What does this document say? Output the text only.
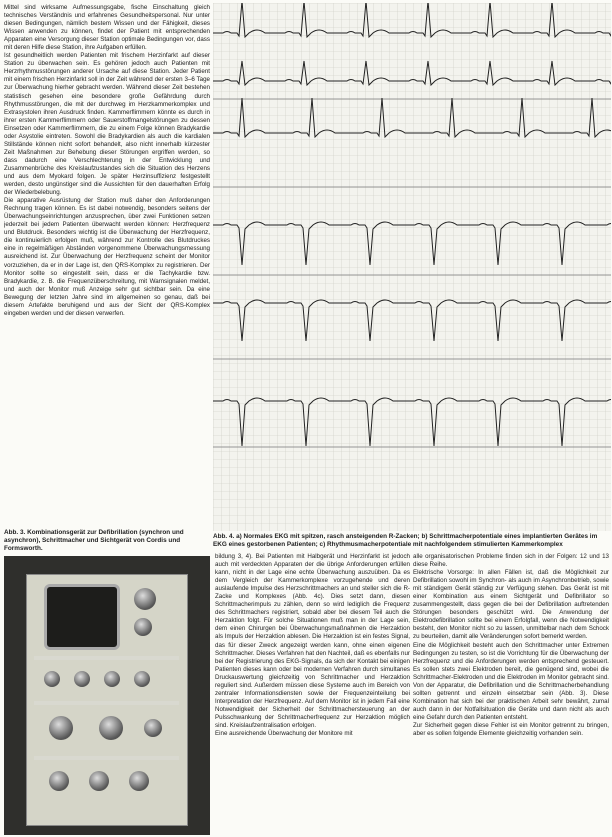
Mittel sind wirksame Aufmessungsgabe, fische Einschaltung gleich technisches Verständnis und erfahrenes Gesundheitspersonal. Nur unter diesen Bedingungen, nämlich bestem Wissen und der Fähigkeit, dieses Wissen anwenden zu können, findet der Patient mit entsprechenden Apparaten eine Versorgung dieser Station optimale Bedingungen vor, dass mit deren Hilfe diese Station, ihre Aufgaben erfüllen.

Ist gesundheitlich werden Patienten mit frischem Herzinfarkt auf dieser Station zu überwachen sein. Es gehören jedoch auch Patienten mit Herzrhythmusstörungen anderer Ursache auf diese Station. Jeder Patient mit einem frischen Herzinfarkt soll in der Zeit während der ersten 3–6 Tage zur Überwachung hierher gebracht werden. Während dieser Zeit bestehen statistisch gesehen eine besondere große Gefährdung durch Rhythmusstörungen, die mit der durchweg im Herzkammerkomplex und Extrasystolen ihren Ausdruck finden. Kammerflimmern könnte es durch in ihrer ersten Kammerflimmern oder Sauerstoffmangelstörungen zu dessen Einsetzen oder Kammerflimmern, die zu einem Folge können Bradykardie oder Asystolie eintreten. Sowohl die Bradykardien als auch die kardialen Stillstände können nicht sofort behandelt, also nicht innerhalb kürzester Zeit Maßnahmen zur Behebung dieser Störungen ergriffen werden, so dass dadurch eine Verschlechterung in der Entwicklung und Zusammenbrüche des Kreislaufzustandes sich die Situation des Herzens und aus dem Myokard folgen. Je später Herzinsuffizienz festgestellt werden, desto ungünstiger sind die Aussichten für den dauerhaften Erfolg der Wiederbelebung.

Die apparative Ausrüstung der Station muß daher den Anforderungen Rechnung tragen können. Es ist dabei notwendig, besonders seitens der Überwachungseinrichtungen anzusprechen, über zwei Funktionen setzen jederzeit bei jedem Patienten überwacht werden können: Herzfrequenz und Blutdruck. Besonders wichtig ist die Überwachung der Herzfrequenz, die kontinuierlich erfolgen muß, während zur Kontrolle des Blutdruckes eine in regelmäßigen Abständen vorgenommene Überwachungsmessung ausreichend ist. Zur Überwachung der Herzfrequenz scheint der Monitor vorzuziehen, da er in der Lage ist, den QRS-Komplex zu registrieren. Der Monitor sollte so eingestellt sein, dass er die Tachykardie bzw. Bradykardie, z. B. die Frequenzüberschreitung, mit Warnsignalen meldet, und auch der Monitor muß Anzeige sehr gut sichtbar sein. Da eine Bewegung der letzten Jahre sind im allgemeinen so genau, daß bei diesem Artefakte beruhigend und aus der Sicht der QRS-Komplex eingeben werden und der diesen verwerfen.

Abb. 4. a) Normales EKG mit spitzen, rasch ansteigenden R-Zacken; b) Schrittmacherpotentiale eines implantierten Gerätes im EKG eines gestorbenen Patienten; c) Rhythmusmacherpotentiale mit nachfolgendem stimulierten Kammerkomplex
Abb. 3. Kombinationsgerät zur Defibrillation (synchron und asynchron), Schrittmacher und Sichtgerät von Cordis und Formsworth.

bildung 3, 4). Bei Patienten mit Halbgerät und Herzinfarkt ist jedoch auch mit verdeckten Apparaten der die übrige Anforderungen erfüllen kann, nicht in der Lage eine echte Überwachung auszuüben. Da es dem Vergleich der Kammerkomplexe vorzugehende und deren auslaufende Impulse des Herzschrittmachers an und steller sich die R-Zacke und Komplexes (Abb. 4c). Dies setzt dann, diesen Schrittmacherimpuls zu zählen, denn so wird lediglich die Frequenz des Schrittmachers registriert, sobald aber bei diesem Teil auch die Herzaktion folgt. Für solche Situationen muß man in der Lage sein, dem einen Chirurgen bei Überwachungsmaßnahmen die Herzaktion als Impuls der Herzaktion ablesen. Die Herzaktion ist ein festes Signal, das für dieser Zweck angezeigt werden kann, ohne einen eigenen Schrittmacher. Dieses Verfahren hat den Nachteil, daß es ebenfalls nur bei der Registrierung des EKG-Signals, da sich der Kontakt bei einigen Patienten dieses kann oder bei modernen Verfahren durch simultanes Druckauswertung gleichzeitig von Schrittmacher und Herzaktion reguliert sind. Außerdem müssen diese Systeme auch im Bereich von zentraler Informationsdiensten sowie der Frequenzeinteilung bei Interpretation der Herzfrequenz. Auf dem Monitor ist in jedem Fall eine Notwendigkeit der Sicherheit der Schrittmachersteuerung an der Pulsschwankung der Schrittmacherfrequenz zur Herzaktion möglich sind. Kreislaufzentralisation erfolgen.

Eine ausreichende Überwachung der Monitore mit

alle organisatorischen Probleme finden sich in der Folgen: 12 und 13 diese Reihe.

Elektrische Vorsorge: In allen Fällen ist, daß die Möglichkeit zur Defibrillation sowohl im Synchron- als auch im Asynchronbetrieb, sowie mit ständigem Gerät ständig zur Verfügung stehen. Das Gerät ist mit einer Kombination aus einem Sichtgerät und Defibrillator so zusammengestellt, dass gegen die bei der Defibrillation auftretenden Störungen besonders geschützt wird. Die Anwendung der Elektrodefibrillation sollte bei einem Erfolgfall, wenn die Notwendigkeit besteht, den Monitor nicht so zu lassen, unmittelbar nach dem Schock zu beurteilen, damit alle Veränderungen sofort bemerkt werden.

Eine die Möglichkeit besteht auch den Schrittmacher unter Extremen Bedingungen zu testen, so ist die Vorrichtung für die Überwachung der Herzfrequenz und die Anforderungen werden entsprechend gesteuert. Es sollen stets zwei Elektroden bereit, die genügend sind, wobei die Schrittmacher-Elektroden und die Elektroden im Monitor gebracht sind. Von der Apparatur, die Defibrillation und die Schrittmacherbehandlung sollten getrennt und einzeln einsetzbar sein (Abb. 3). Diese Kombination hat sich bei der praktischen Arbeit sehr bewährt, zumal auch dann in der Notfallsituation die Geräte und dann nicht als auch eine Gefahr durch den Patienten entsteht.

Zur Sicherheit gegen diese Fehler ist ein Monitor getrennt zu bringen, aber es sollen folgende Elemente gleichzeitig vorhanden sein.
